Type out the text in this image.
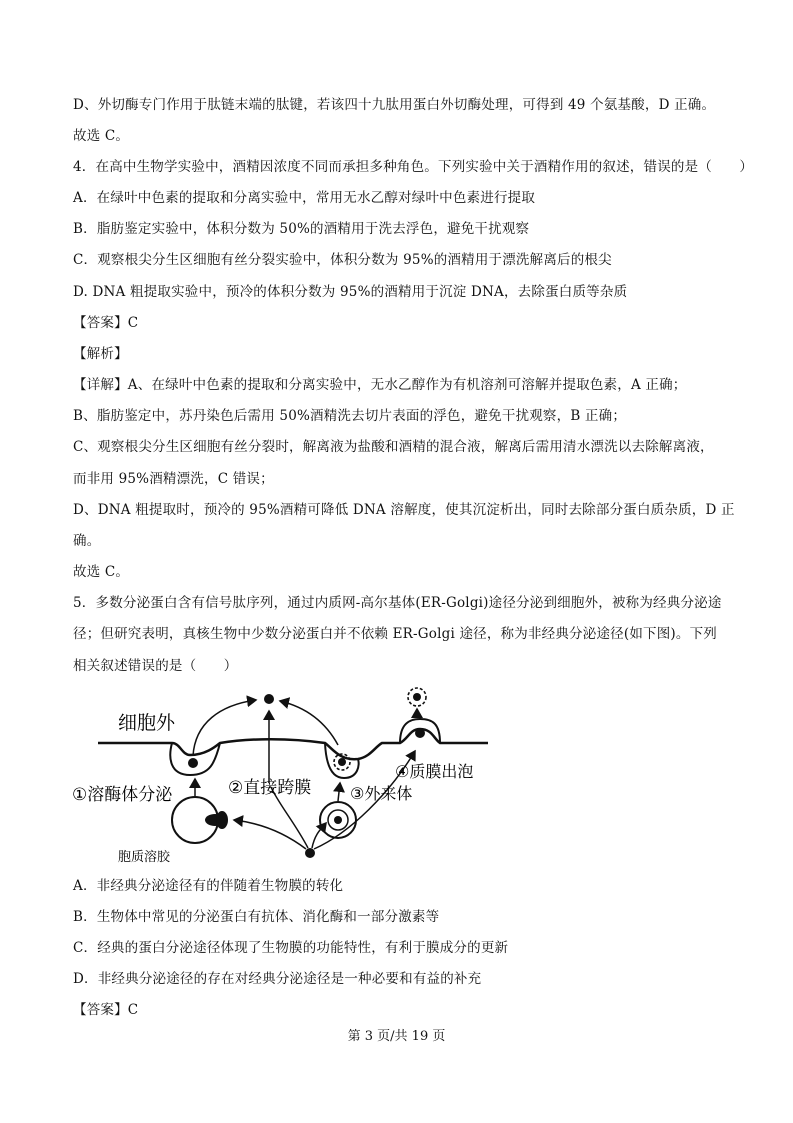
D、外切酶专门作用于肽链末端的肽键，若该四十九肽用蛋白外切酶处理，可得到 49 个氨基酸，D 正确。
故选 C。
4．在高中生物学实验中，酒精因浓度不同而承担多种角色。下列实验中关于酒精作用的叙述，错误的是（　　）
A．在绿叶中色素的提取和分离实验中，常用无水乙醇对绿叶中色素进行提取
B．脂肪鉴定实验中，体积分数为 50%的酒精用于洗去浮色，避免干扰观察
C．观察根尖分生区细胞有丝分裂实验中，体积分数为 95%的酒精用于漂洗解离后的根尖
D. DNA 粗提取实验中，预冷的体积分数为 95%的酒精用于沉淀 DNA，去除蛋白质等杂质
【答案】C
【解析】
【详解】A、在绿叶中色素的提取和分离实验中，无水乙醇作为有机溶剂可溶解并提取色素，A 正确；
B、脂肪鉴定中，苏丹染色后需用 50%酒精洗去切片表面的浮色，避免干扰观察，B 正确；
C、观察根尖分生区细胞有丝分裂时，解离液为盐酸和酒精的混合液，解离后需用清水漂洗以去除解离液，
而非用 95%酒精漂洗，C 错误；
D、DNA 粗提取时，预冷的 95%酒精可降低 DNA 溶解度，使其沉淀析出，同时去除部分蛋白质杂质，D 正
确。
故选 C。
5．多数分泌蛋白含有信号肽序列，通过内质网-高尔基体(ER-Golgi)途径分泌到细胞外，被称为经典分泌途
径；但研究表明，真核生物中少数分泌蛋白并不依赖 ER-Golgi 途径，称为非经典分泌途径(如下图)。下列
相关叙述错误的是（　　）
细胞外
①溶酶体分泌	②直接跨膜 ③外来体
④质膜出泡
胞质溶胶
A．非经典分泌途径有的伴随着生物膜的转化
B．生物体中常见的分泌蛋白有抗体、消化酶和一部分激素等
C．经典的蛋白分泌途径体现了生物膜的功能特性，有利于膜成分的更新
D．非经典分泌途径的存在对经典分泌途径是一种必要和有益的补充
【答案】C
第 3 页/共 19 页
